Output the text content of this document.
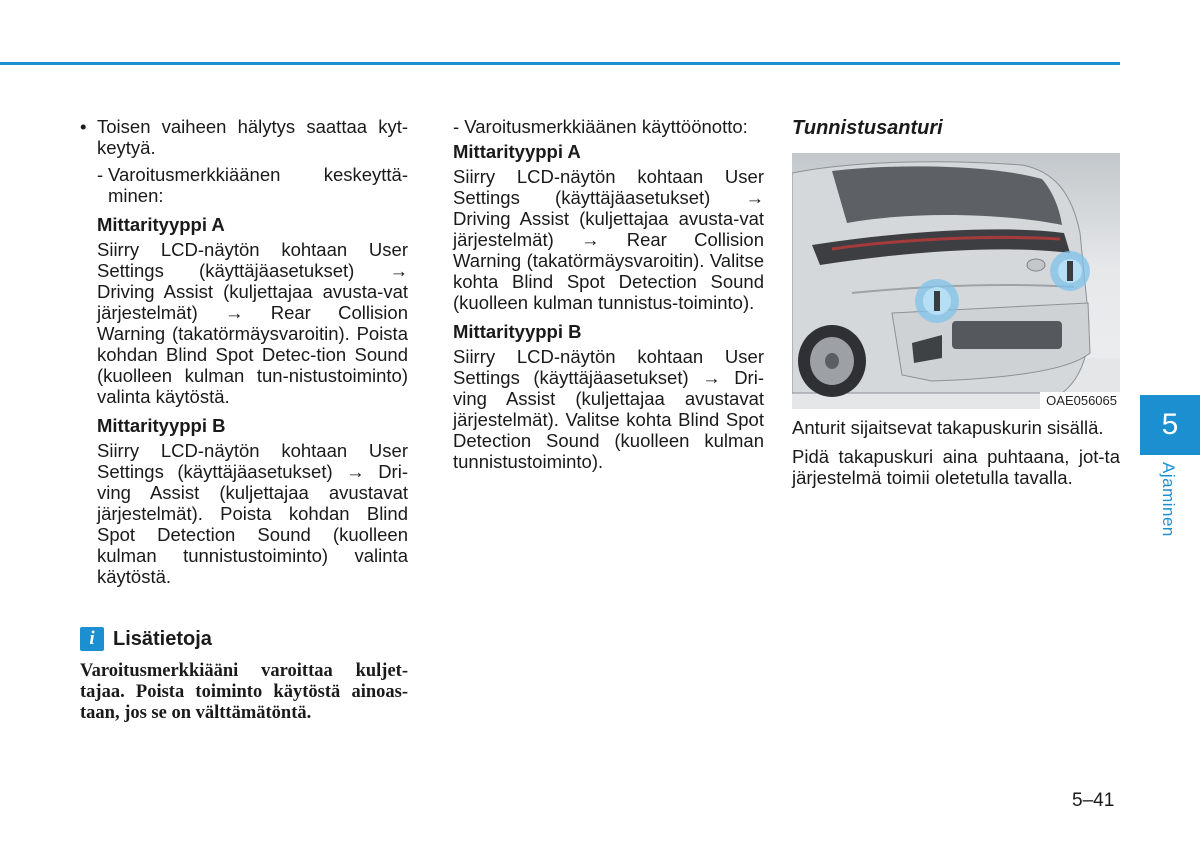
• Toisen vaiheen hälytys saattaa kyt-keytyä.

- Varoitusmerkkiäänen keskeyttä-minen:

Mittarityyppi A

Siirry LCD-näytön kohtaan User Settings (käyttäjäasetukset) → Driving Assist (kuljettajaa avusta-vat järjestelmät) → Rear Collision Warning (takatörmäysvaroitin). Poista kohdan Blind Spot Detec-tion Sound (kuolleen kulman tun-nistustoiminto) valinta käytöstä.

Mittarityyppi B

Siirry LCD-näytön kohtaan User Settings (käyttäjäasetukset) → Dri-ving Assist (kuljettajaa avustavat järjestelmät). Poista kohdan Blind Spot Detection Sound (kuolleen kulman tunnistustoiminto) valinta käytöstä.

i Lisätietoja

Varoitusmerkkiääni varoittaa kuljet-tajaa. Poista toiminto käytöstä ainoas-taan, jos se on välttämätöntä.

- Varoitusmerkkiäänen käyttöönotto:

Mittarityyppi A

Siirry LCD-näytön kohtaan User Settings (käyttäjäasetukset) → Driving Assist (kuljettajaa avusta-vat järjestelmät) → Rear Collision Warning (takatörmäysvaroitin). Valitse kohta Blind Spot Detection Sound (kuolleen kulman tunnistus-toiminto).

Mittarityyppi B

Siirry LCD-näytön kohtaan User Settings (käyttäjäasetukset) → Dri-ving Assist (kuljettajaa avustavat järjestelmät). Valitse kohta Blind Spot Detection Sound (kuolleen kulman tunnistustoiminto).

Tunnistusanturi

OAE056065

Anturit sijaitsevat takapuskurin sisällä.

Pidä takapuskuri aina puhtaana, jot-ta järjestelmä toimii oletetulla tavalla.

5
Ajaminen
5–41
